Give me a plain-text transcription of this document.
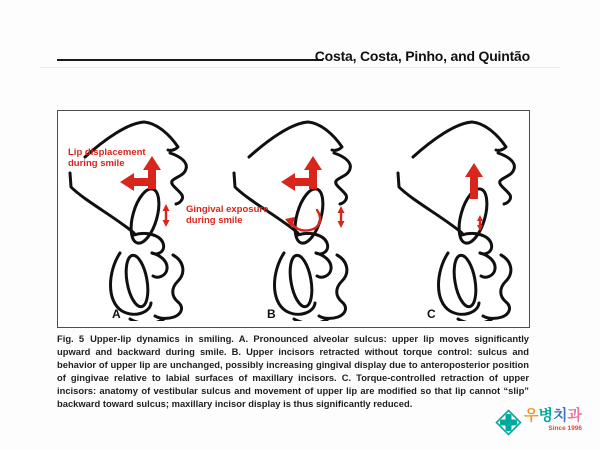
Costa, Costa, Pinho, and Quintão
Lip displacement
during smile
Gingival exposure
during smile
A	B	C
Fig. 5 Upper-lip dynamics in smiling. A. Pronounced alveolar sulcus: upper lip moves significantly upward and backward during smile. B. Upper incisors retracted without torque control: sulcus and behavior of upper lip are unchanged, possibly increasing gingival display due to anteroposterior position of gingivae relative to labial surfaces of maxillary incisors. C. Torque-controlled retraction of upper incisors: anatomy of vestibular sulcus and movement of upper lip are modified so that lip cannot “slip” backward toward sulcus; maxillary incisor display is thus significantly reduced.
우병치과
Since 1996
